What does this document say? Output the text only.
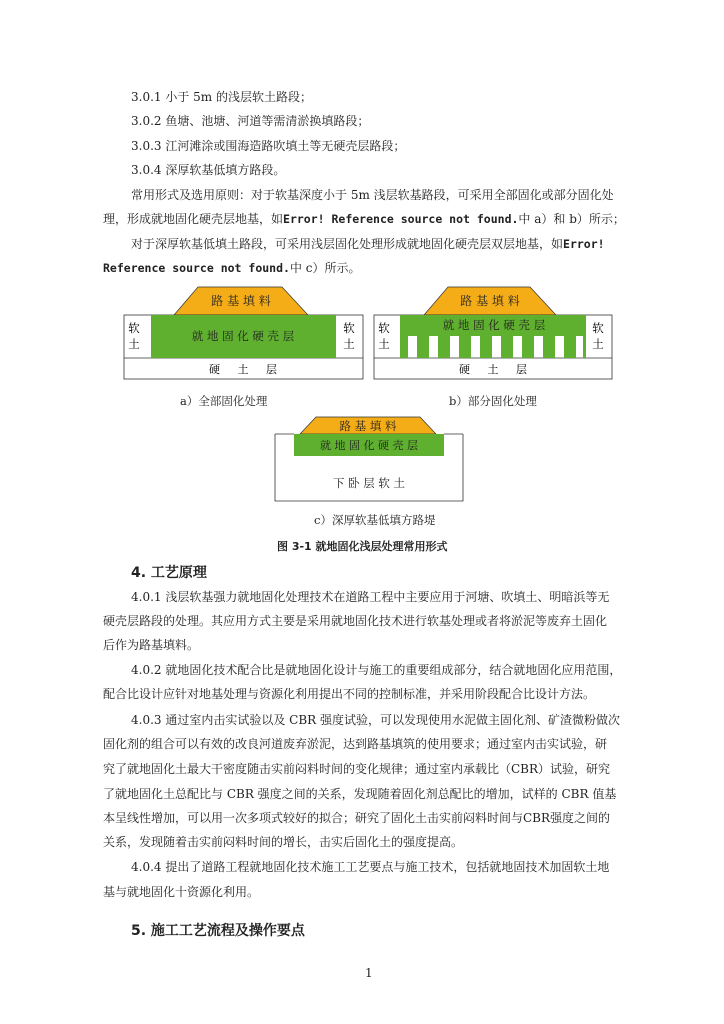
3.0.1 小于 5m 的浅层软土路段；
3.0.2 鱼塘、池塘、河道等需清淤换填路段；
3.0.3 江河滩涂或围海造路吹填土等无硬壳层路段；
3.0.4 深厚软基低填方路段。
常用形式及选用原则：对于软基深度小于 5m 浅层软基路段，可采用全部固化或部分固化处
理，形成就地固化硬壳层地基，如Error! Reference source not found.中 a）和 b）所示；
对于深厚软基低填土路段，可采用浅层固化处理形成就地固化硬壳层双层地基，如Error!
Reference source not found.中 c）所示。
路 基 填 料
就 地 固 化 硬 壳 层
软
土
软
土
硬 土 层
路 基 填 料
就 地 固 化 硬 壳 层
软
土
软
土
硬 土 层
a）全部固化处理	b）部分固化处理
路 基 填 料
就 地 固 化 硬 壳 层
下 卧 层 软 土
c）深厚软基低填方路堤
图 3-1 就地固化浅层处理常用形式
4. 工艺原理
4.0.1 浅层软基强力就地固化处理技术在道路工程中主要应用于河塘、吹填土、明暗浜等无
硬壳层路段的处理。其应用方式主要是采用就地固化技术进行软基处理或者将淤泥等废弃土固化
后作为路基填料。
4.0.2 就地固化技术配合比是就地固化设计与施工的重要组成部分，结合就地固化应用范围，
配合比设计应针对地基处理与资源化利用提出不同的控制标准，并采用阶段配合比设计方法。
4.0.3 通过室内击实试验以及 CBR 强度试验，可以发现使用水泥做主固化剂、矿渣微粉做次
固化剂的组合可以有效的改良河道废弃淤泥，达到路基填筑的使用要求；通过室内击实试验，研
究了就地固化土最大干密度随击实前闷料时间的变化规律；通过室内承载比（CBR）试验，研究
了就地固化土总配比与 CBR 强度之间的关系，发现随着固化剂总配比的增加，试样的 CBR 值基
本呈线性增加，可以用一次多项式较好的拟合；研究了固化土击实前闷料时间与CBR强度之间的
关系，发现随着击实前闷料时间的增长，击实后固化土的强度提高。
4.0.4 提出了道路工程就地固化技术施工工艺要点与施工技术，包括就地固技术加固软土地
基与就地固化十资源化利用。
5. 施工工艺流程及操作要点
1
